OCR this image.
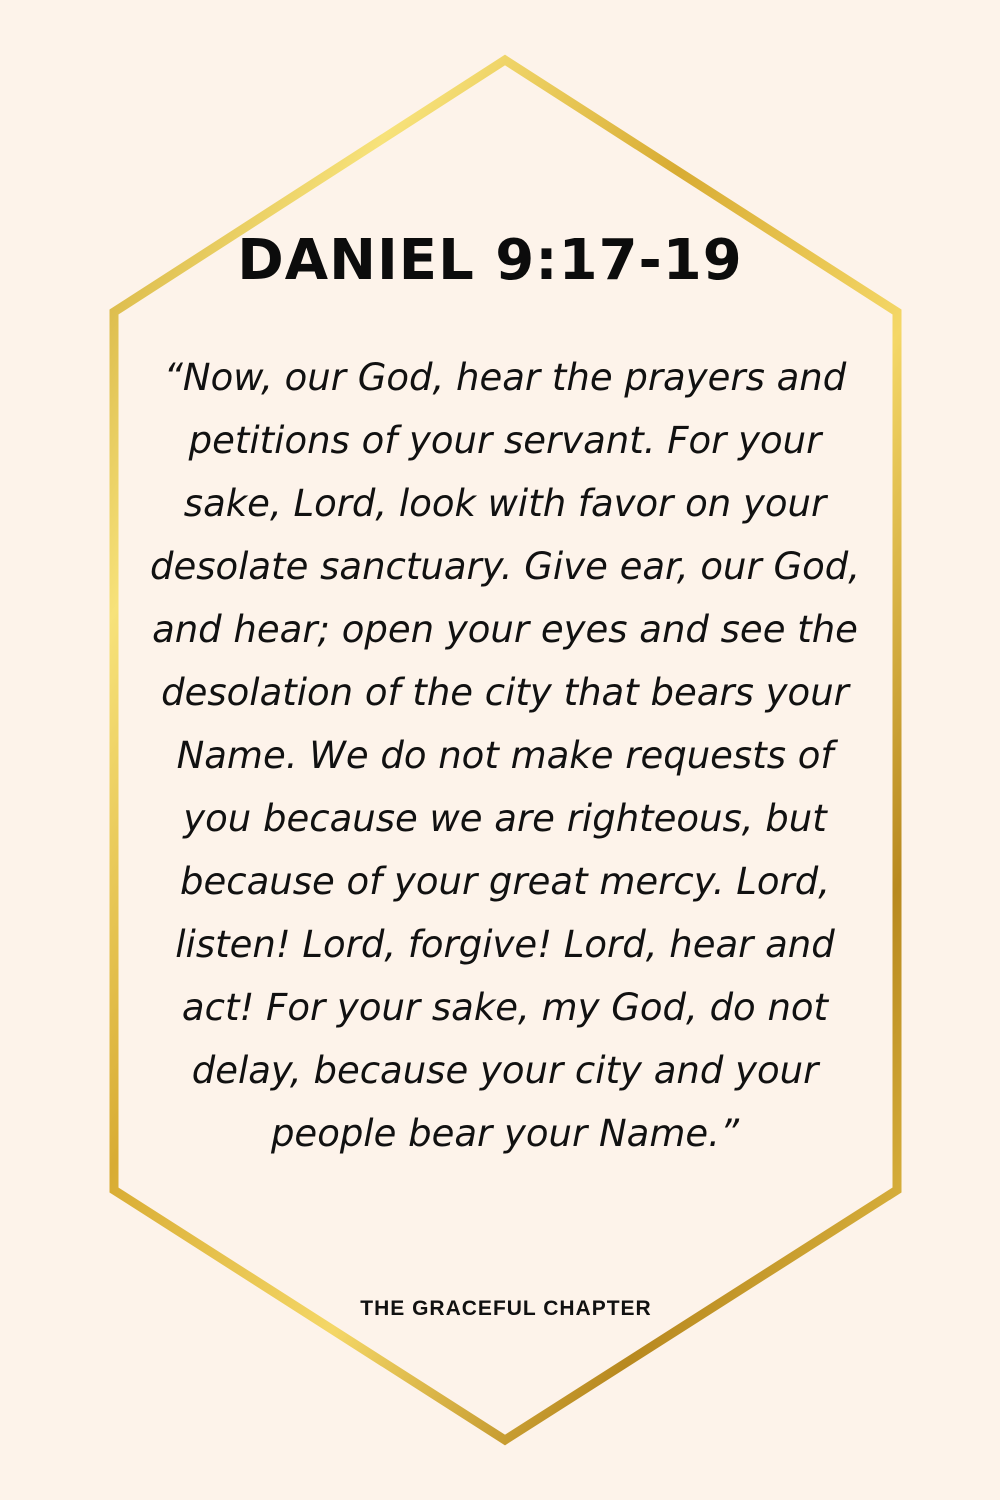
DANIEL 9:17-19

“Now, our God, hear the prayers and petitions of your servant. For your sake, Lord, look with favor on your desolate sanctuary. Give ear, our God, and hear; open your eyes and see the desolation of the city that bears your Name. We do not make requests of you because we are righteous, but because of your great mercy. Lord, listen! Lord, forgive! Lord, hear and act! For your sake, my God, do not delay, because your city and your people bear your Name.”

THE GRACEFUL CHAPTER
